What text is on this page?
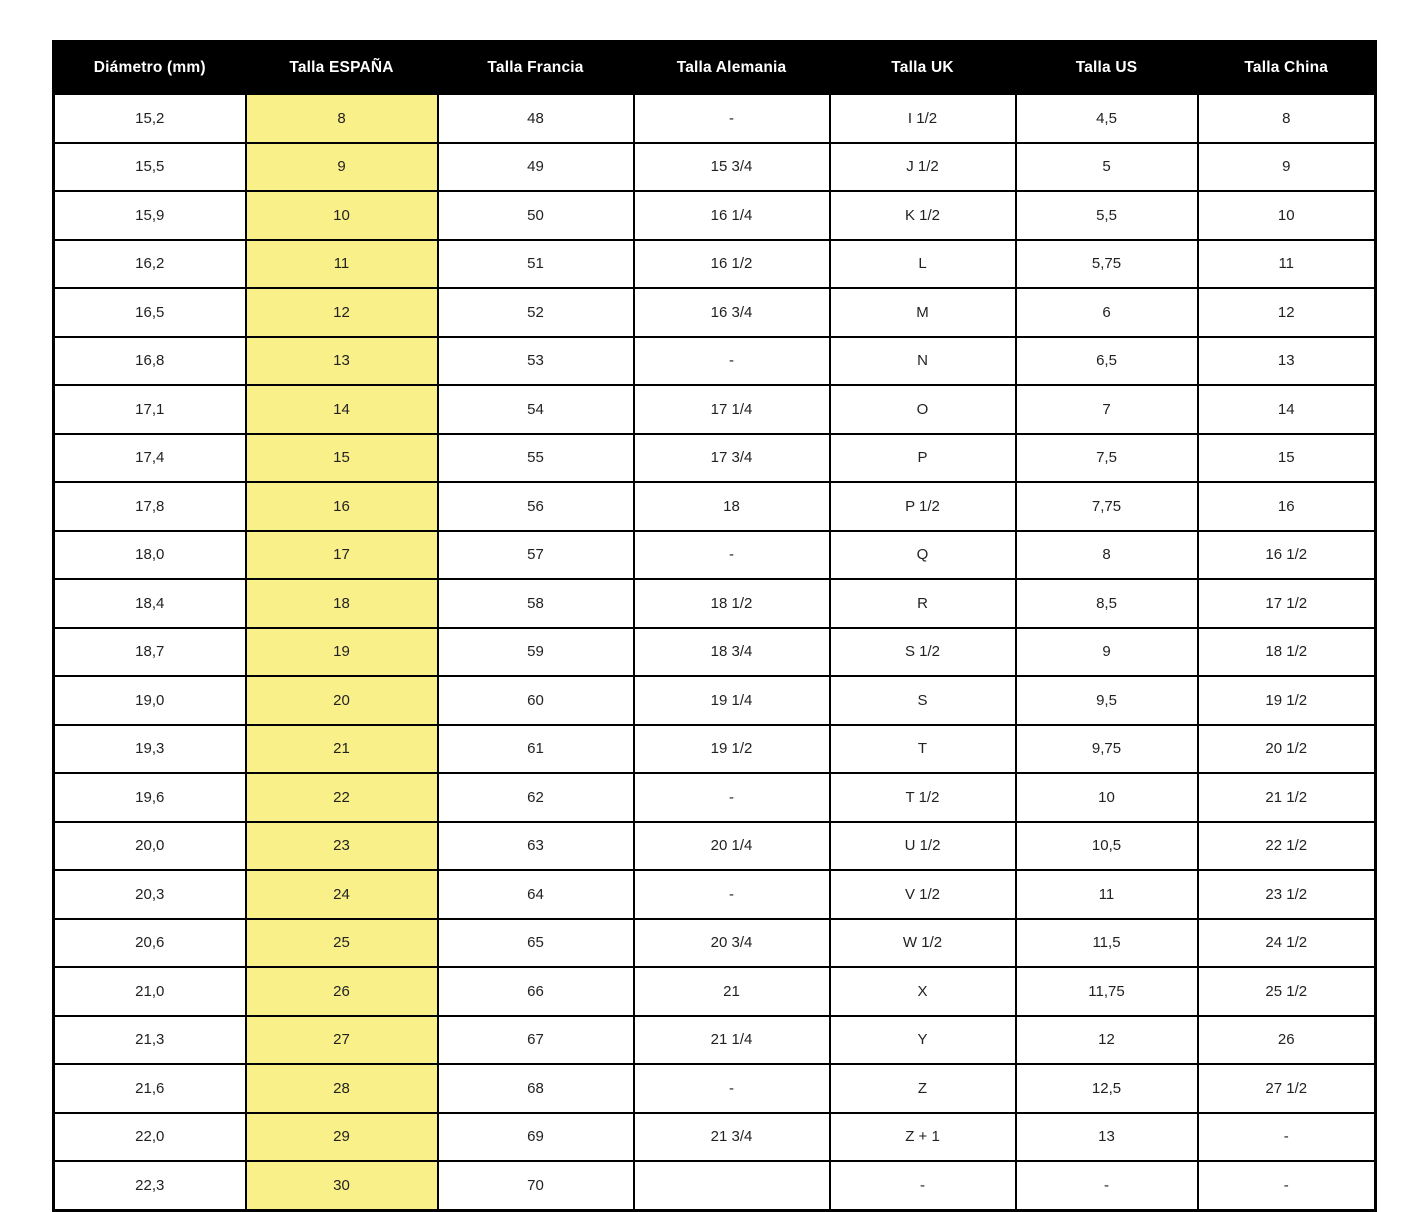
Diámetro (mm)	Talla ESPAÑA	Talla Francia	Talla Alemania	Talla UK	Talla US	Talla China
15,2	8	48	-	I 1/2	4,5	8
15,5	9	49	15 3/4	J 1/2	5	9
15,9	10	50	16 1/4	K 1/2	5,5	10
16,2	11	51	16 1/2	L	5,75	11
16,5	12	52	16 3/4	M	6	12
16,8	13	53	-	N	6,5	13
17,1	14	54	17 1/4	O	7	14
17,4	15	55	17 3/4	P	7,5	15
17,8	16	56	18	P 1/2	7,75	16
18,0	17	57	-	Q	8	16 1/2
18,4	18	58	18 1/2	R	8,5	17 1/2
18,7	19	59	18 3/4	S 1/2	9	18 1/2
19,0	20	60	19 1/4	S	9,5	19 1/2
19,3	21	61	19 1/2	T	9,75	20 1/2
19,6	22	62	-	T 1/2	10	21 1/2
20,0	23	63	20 1/4	U 1/2	10,5	22 1/2
20,3	24	64	-	V 1/2	11	23 1/2
20,6	25	65	20 3/4	W 1/2	11,5	24 1/2
21,0	26	66	21	X	11,75	25 1/2
21,3	27	67	21 1/4	Y	12	26
21,6	28	68	-	Z	12,5	27 1/2
22,0	29	69	21 3/4	Z + 1	13	-
22,3	30	70		-	-	-
